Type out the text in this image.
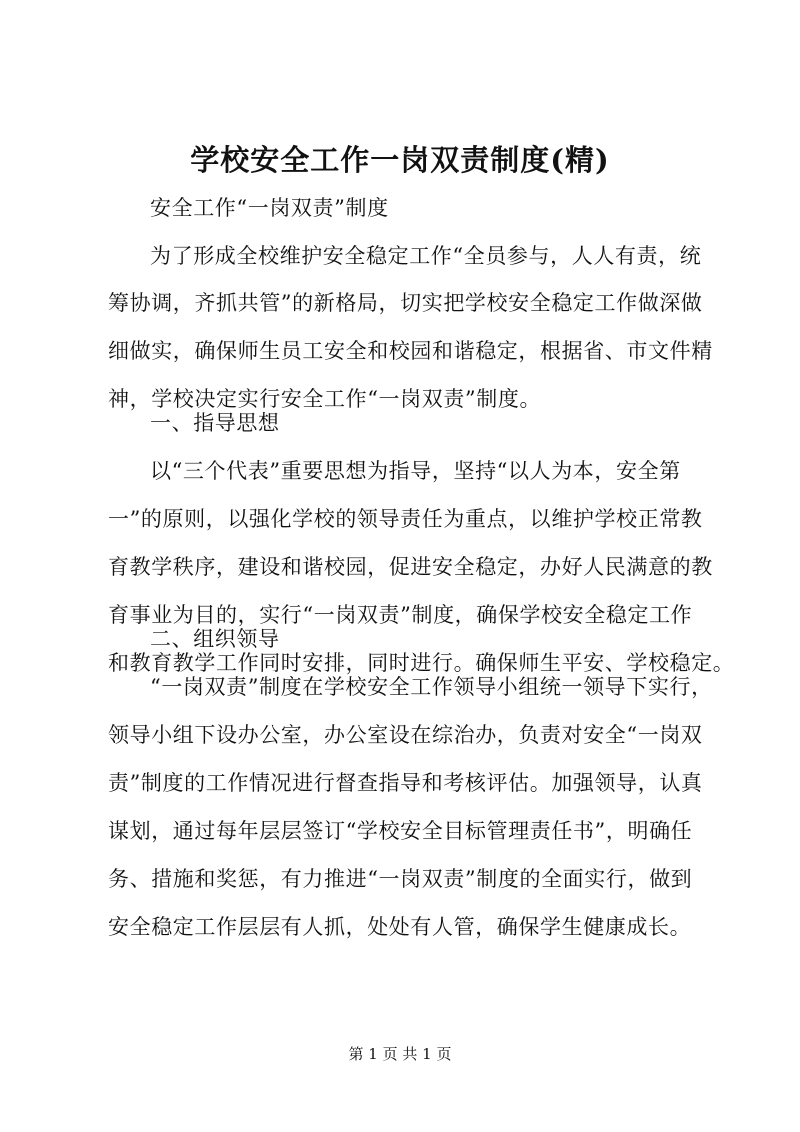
学校安全工作一岗双责制度(精)
安全工作“一岗双责”制度
为了形成全校维护安全稳定工作“全员参与，人人有责，统
筹协调，齐抓共管”的新格局，切实把学校安全稳定工作做深做
细做实，确保师生员工安全和校园和谐稳定，根据省、市文件精
神，学校决定实行安全工作“一岗双责”制度。
一、指导思想
以“三个代表”重要思想为指导，坚持“以人为本，安全第
一”的原则，以强化学校的领导责任为重点，以维护学校正常教
育教学秩序，建设和谐校园，促进安全稳定，办好人民满意的教
育事业为目的，实行“一岗双责”制度，确保学校安全稳定工作
和教育教学工作同时安排，同时进行。确保师生平安、学校稳定。
二、组织领导
“一岗双责”制度在学校安全工作领导小组统一领导下实行，
领导小组下设办公室，办公室设在综治办，负责对安全“一岗双
责”制度的工作情况进行督查指导和考核评估。加强领导，认真
谋划，通过每年层层签订“学校安全目标管理责任书”，明确任
务、措施和奖惩，有力推进“一岗双责”制度的全面实行，做到
安全稳定工作层层有人抓，处处有人管，确保学生健康成长。
第 1 页 共 1 页
